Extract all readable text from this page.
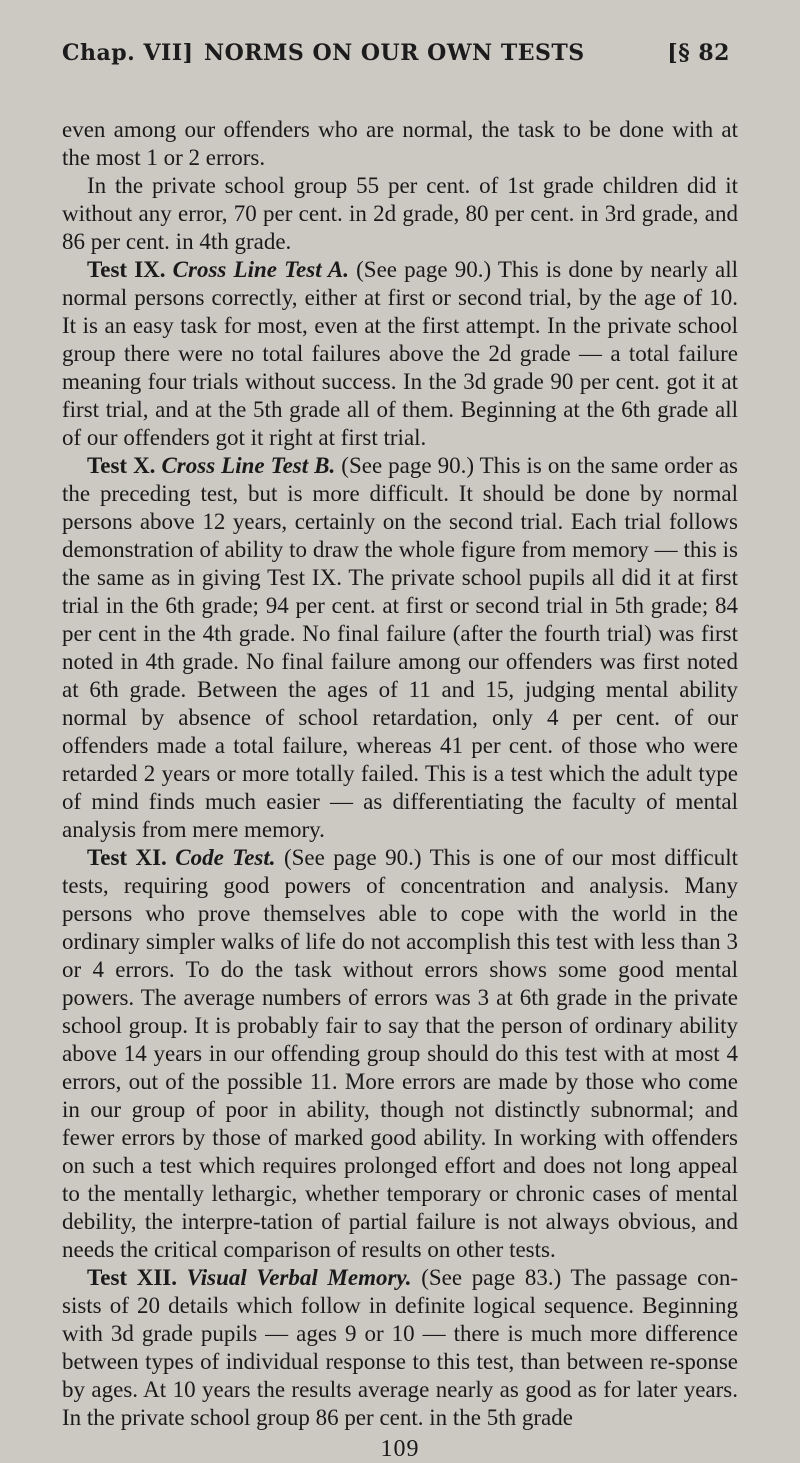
Chap. VII] NORMS ON OUR OWN TESTS	[§ 82

even among our offenders who are normal, the task to be done with at the most 1 or 2 errors.

In the private school group 55 per cent. of 1st grade children did it without any error, 70 per cent. in 2d grade, 80 per cent. in 3rd grade, and 86 per cent. in 4th grade.

Test IX. Cross Line Test A. (See page 90.) This is done by nearly all normal persons correctly, either at first or second trial, by the age of 10. It is an easy task for most, even at the first attempt. In the private school group there were no total failures above the 2d grade — a total failure meaning four trials without success. In the 3d grade 90 per cent. got it at first trial, and at the 5th grade all of them. Beginning at the 6th grade all of our offenders got it right at first trial.

Test X. Cross Line Test B. (See page 90.) This is on the same order as the preceding test, but is more difficult. It should be done by normal persons above 12 years, certainly on the second trial. Each trial follows demonstration of ability to draw the whole figure from memory — this is the same as in giving Test IX. The private school pupils all did it at first trial in the 6th grade; 94 per cent. at first or second trial in 5th grade; 84 per cent in the 4th grade. No final failure (after the fourth trial) was first noted in 4th grade. No final failure among our offenders was first noted at 6th grade. Between the ages of 11 and 15, judging mental ability normal by absence of school retardation, only 4 per cent. of our offenders made a total failure, whereas 41 per cent. of those who were retarded 2 years or more totally failed. This is a test which the adult type of mind finds much easier — as differentiating the faculty of mental analysis from mere memory.

Test XI. Code Test. (See page 90.) This is one of our most difficult tests, requiring good powers of concentration and analysis. Many persons who prove themselves able to cope with the world in the ordinary simpler walks of life do not accomplish this test with less than 3 or 4 errors. To do the task without errors shows some good mental powers. The average numbers of errors was 3 at 6th grade in the private school group. It is probably fair to say that the person of ordinary ability above 14 years in our offending group should do this test with at most 4 errors, out of the possible 11. More errors are made by those who come in our group of poor in ability, though not distinctly subnormal; and fewer errors by those of marked good ability. In working with offenders on such a test which requires prolonged effort and does not long appeal to the mentally lethargic, whether temporary or chronic cases of mental debility, the interpre-tation of partial failure is not always obvious, and needs the critical comparison of results on other tests.

Test XII. Visual Verbal Memory. (See page 83.) The passage con-sists of 20 details which follow in definite logical sequence. Beginning with 3d grade pupils — ages 9 or 10 — there is much more difference between types of individual response to this test, than between re-sponse by ages. At 10 years the results average nearly as good as for later years. In the private school group 86 per cent. in the 5th grade

109
